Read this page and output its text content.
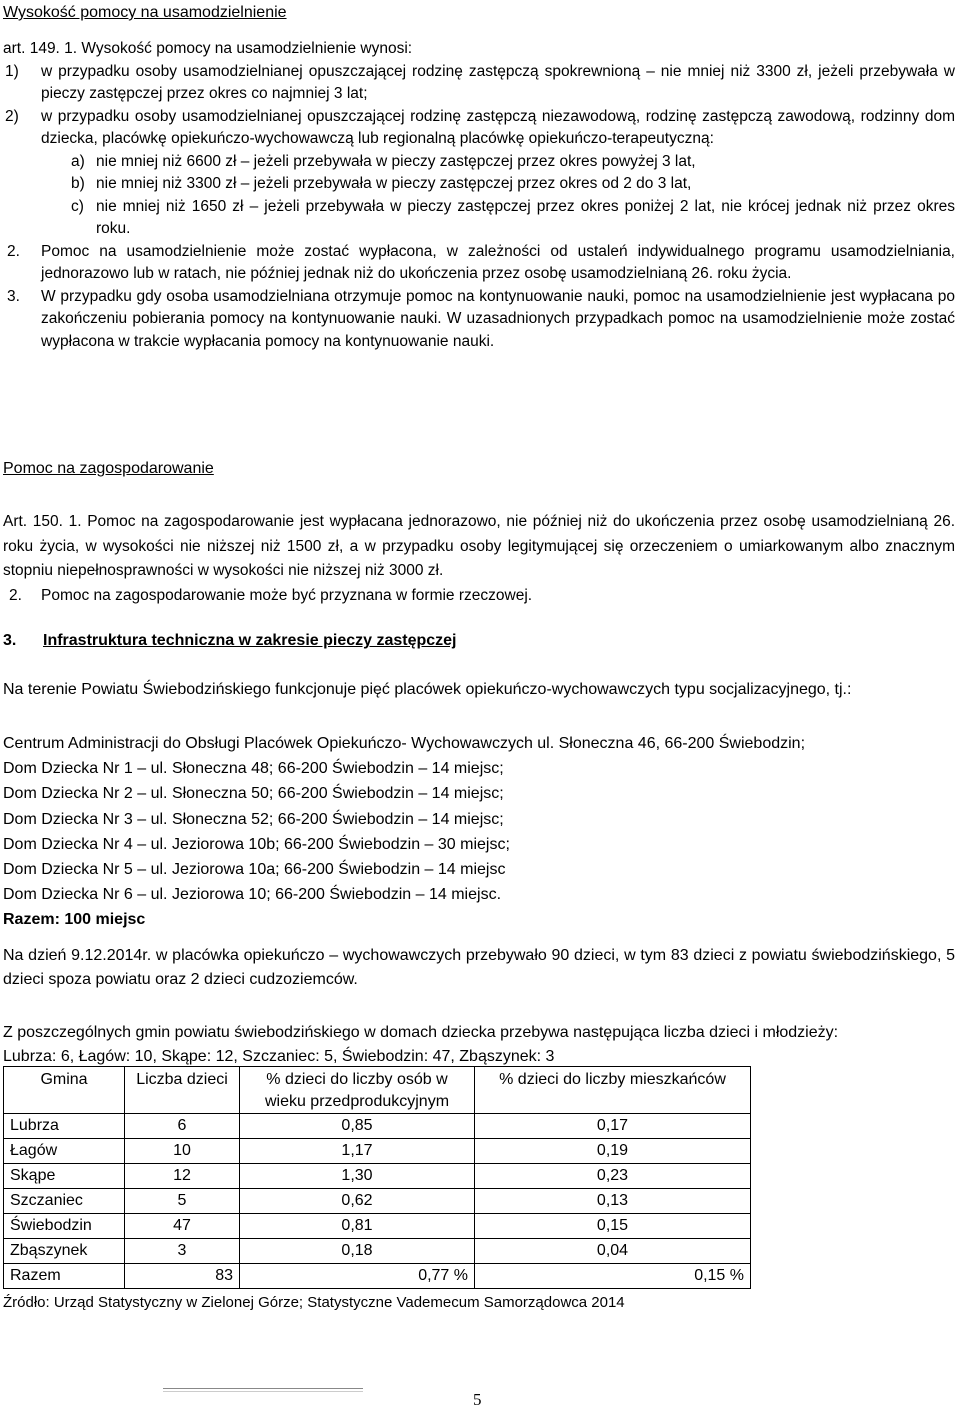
Wysokość pomocy na usamodzielnienie

art. 149. 1. Wysokość pomocy na usamodzielnienie wynosi:

1) w przypadku osoby usamodzielnianej opuszczającej rodzinę zastępczą spokrewnioną – nie mniej niż 3300 zł, jeżeli przebywała w pieczy zastępczej przez okres co najmniej 3 lat;

2) w przypadku osoby usamodzielnianej opuszczającej rodzinę zastępczą niezawodową, rodzinę zastępczą zawodową, rodzinny dom dziecka, placówkę opiekuńczo-wychowawczą lub regionalną placówkę opiekuńczo-terapeutyczną:

a) nie mniej niż 6600 zł – jeżeli przebywała w pieczy zastępczej przez okres powyżej 3 lat,

b) nie mniej niż 3300 zł – jeżeli przebywała w pieczy zastępczej przez okres od 2 do 3 lat,

c) nie mniej niż 1650 zł – jeżeli przebywała w pieczy zastępczej przez okres poniżej 2 lat, nie krócej jednak niż przez okres roku.

2. Pomoc na usamodzielnienie może zostać wypłacona, w zależności od ustaleń indywidualnego programu usamodzielniania, jednorazowo lub w ratach, nie później jednak niż do ukończenia przez osobę usamodzielnianą 26. roku życia.

3. W przypadku gdy osoba usamodzielniana otrzymuje pomoc na kontynuowanie nauki, pomoc na usamodzielnienie jest wypłacana po zakończeniu pobierania pomocy na kontynuowanie nauki. W uzasadnionych przypadkach pomoc na usamodzielnienie może zostać wypłacona w trakcie wypłacania pomocy na kontynuowanie nauki.

Pomoc na zagospodarowanie

Art. 150. 1. Pomoc na zagospodarowanie jest wypłacana jednorazowo, nie później niż do ukończenia przez osobę usamodzielnianą 26. roku życia, w wysokości nie niższej niż 1500 zł, a w przypadku osoby legitymującej się orzeczeniem o umiarkowanym albo znacznym stopniu niepełnosprawności w wysokości nie niższej niż 3000 zł.

2. Pomoc na zagospodarowanie może być przyznana w formie rzeczowej.

3. Infrastruktura techniczna w zakresie pieczy zastępczej
Na terenie Powiatu Świebodzińskiego funkcjonuje pięć placówek opiekuńczo-wychowawczych typu socjalizacyjnego, tj.:
Centrum Administracji do Obsługi Placówek Opiekuńczo- Wychowawczych ul. Słoneczna 46, 66-200 Świebodzin;
Dom Dziecka Nr 1 – ul. Słoneczna 48; 66-200 Świebodzin – 14 miejsc;
Dom Dziecka Nr 2 – ul. Słoneczna 50; 66-200 Świebodzin – 14 miejsc;
Dom Dziecka Nr 3 – ul. Słoneczna 52; 66-200 Świebodzin – 14 miejsc;
Dom Dziecka Nr 4 – ul. Jeziorowa 10b; 66-200 Świebodzin – 30 miejsc;
Dom Dziecka Nr 5 – ul. Jeziorowa 10a; 66-200 Świebodzin – 14 miejsc
Dom Dziecka Nr 6 – ul. Jeziorowa 10; 66-200 Świebodzin – 14 miejsc.
Razem: 100 miejsc

Na dzień 9.12.2014r. w placówka opiekuńczo – wychowawczych przebywało 90 dzieci, w tym 83 dzieci z powiatu świebodzińskiego, 5 dzieci spoza powiatu oraz 2 dzieci cudzoziemców.

Z poszczególnych gmin powiatu świebodzińskiego w domach dziecka przebywa następująca liczba dzieci i młodzieży:
Lubrza: 6, Łagów: 10, Skąpe: 12, Szczaniec: 5, Świebodzin: 47, Zbąszynek: 3
Gmina	Liczba dzieci	% dzieci do liczby osób w wieku przedprodukcyjnym	% dzieci do liczby mieszkańców
Lubrza	6	0,85	0,17
Łagów	10	1,17	0,19
Skąpe	12	1,30	0,23
Szczaniec	5	0,62	0,13
Świebodzin	47	0,81	0,15
Zbąszynek	3	0,18	0,04
Razem	83	0,77 %	0,15 %
Źródło: Urząd Statystyczny w Zielonej Górze; Statystyczne Vademecum Samorządowca 2014
5
